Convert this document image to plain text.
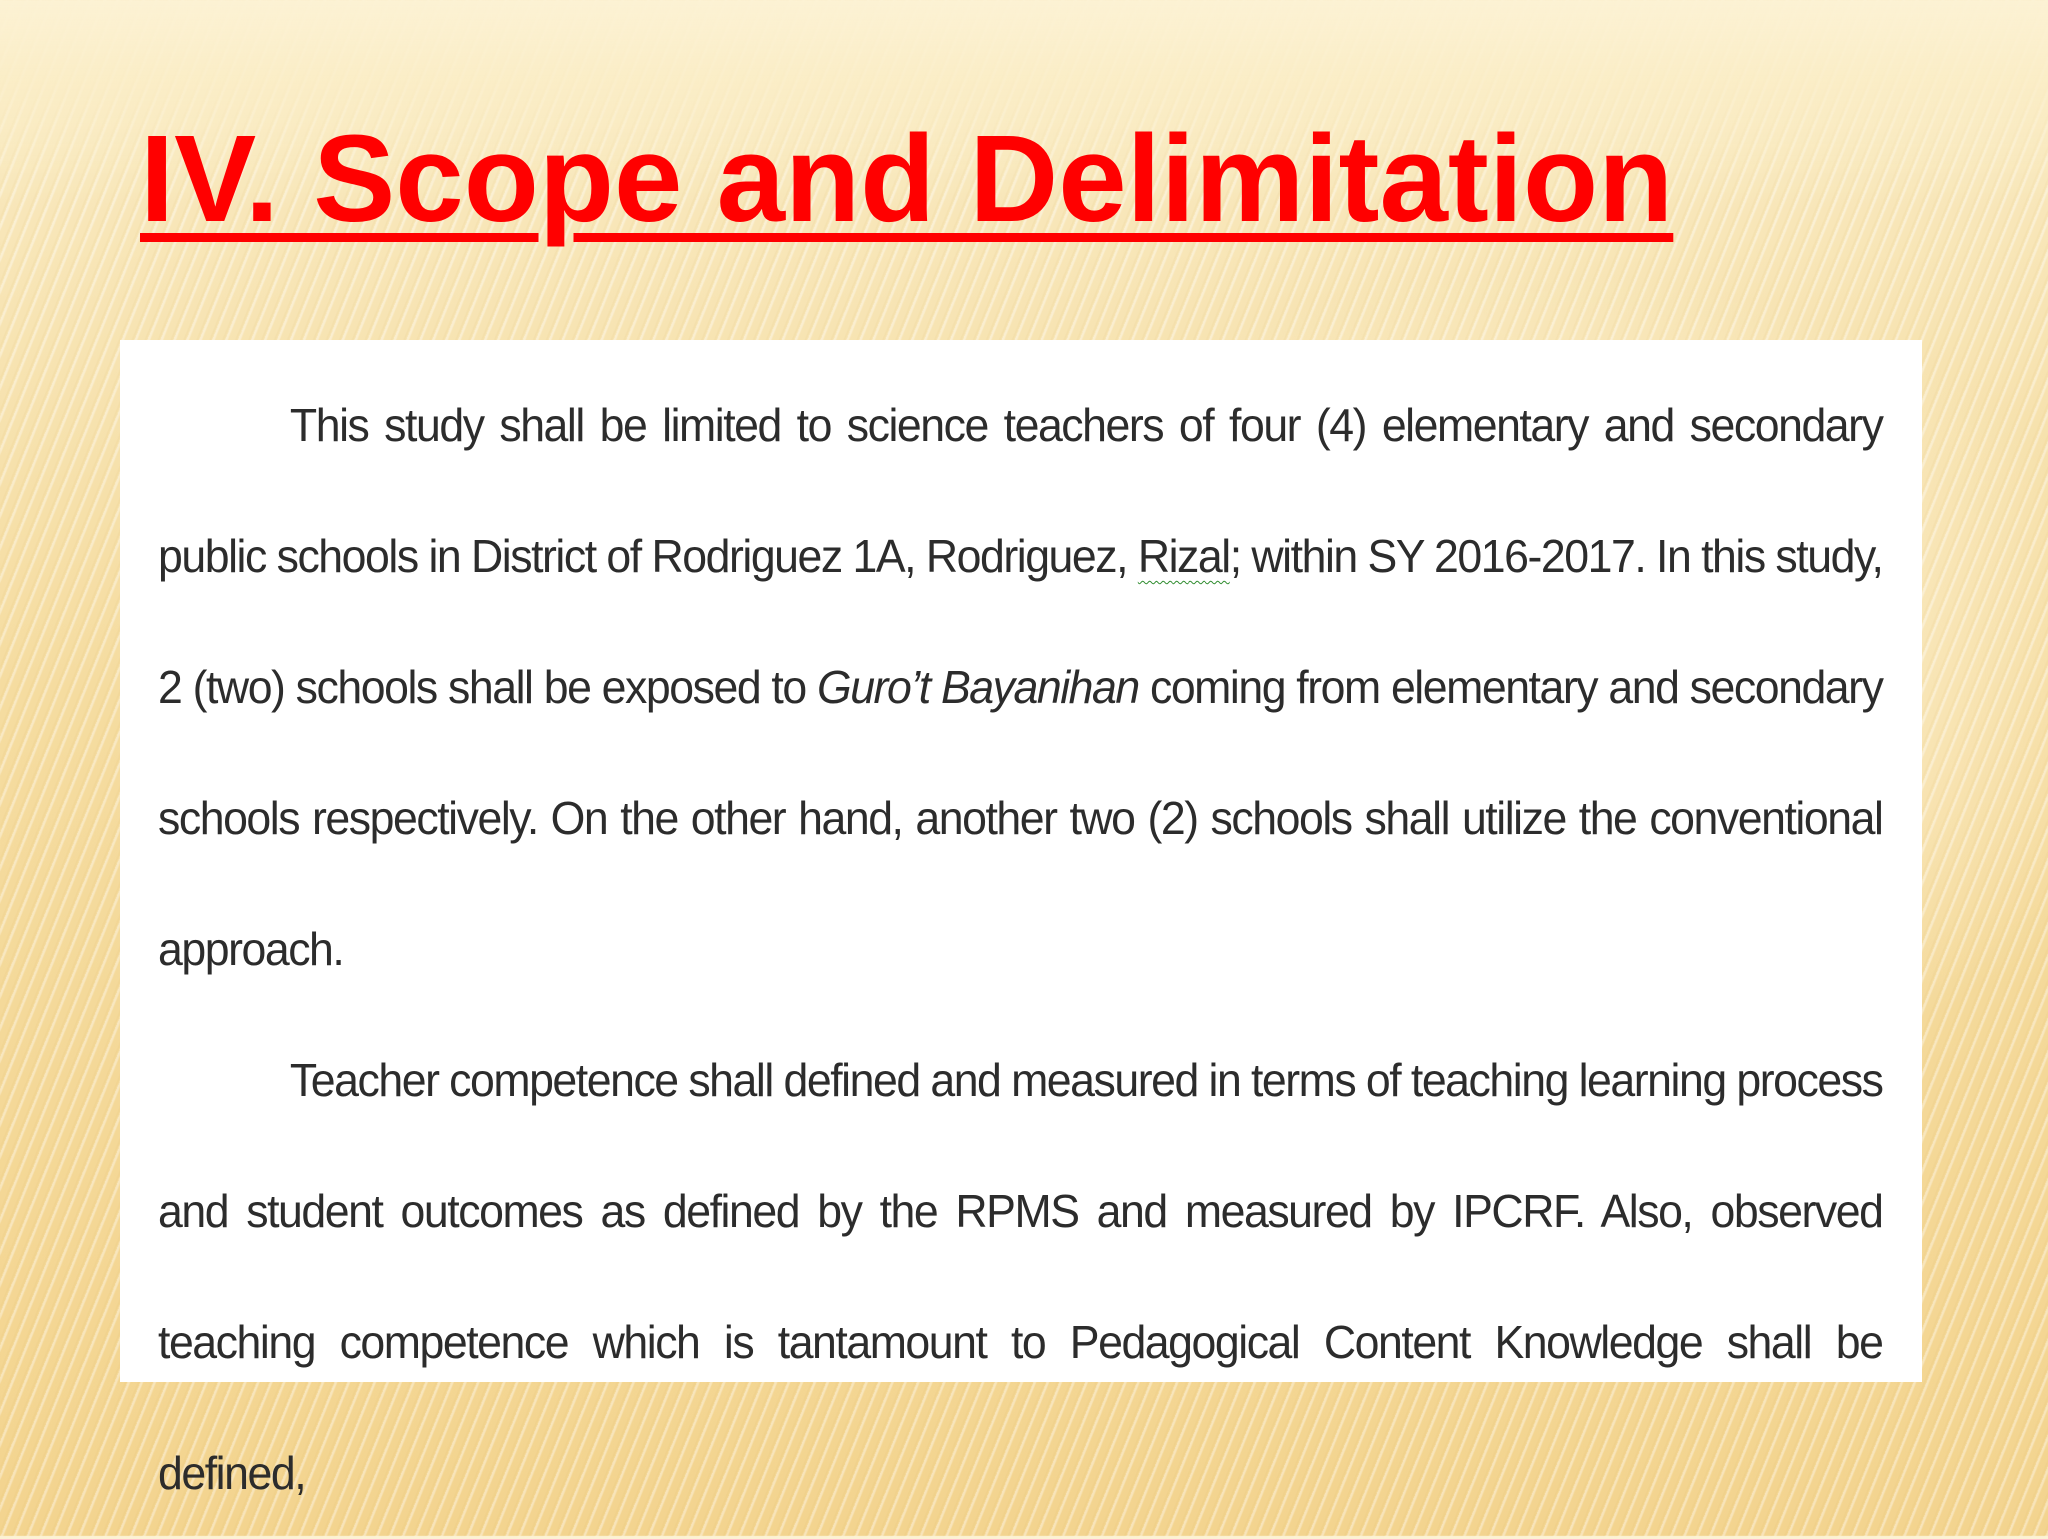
IV. Scope and Delimitation

This study shall be limited to science teachers of four (4) elementary and secondary public schools in District of Rodriguez 1A, Rodriguez, Rizal; within SY 2016-2017. In this study, 2 (two) schools shall be exposed to Guro’t Bayanihan coming from elementary and secondary schools respectively. On the other hand, another two (2) schools shall utilize the conventional approach.

Teacher competence shall defined and measured in terms of teaching learning process and student outcomes as defined by the RPMS and measured by IPCRF. Also, observed teaching competence which is tantamount to Pedagogical Content Knowledge shall be defined,
